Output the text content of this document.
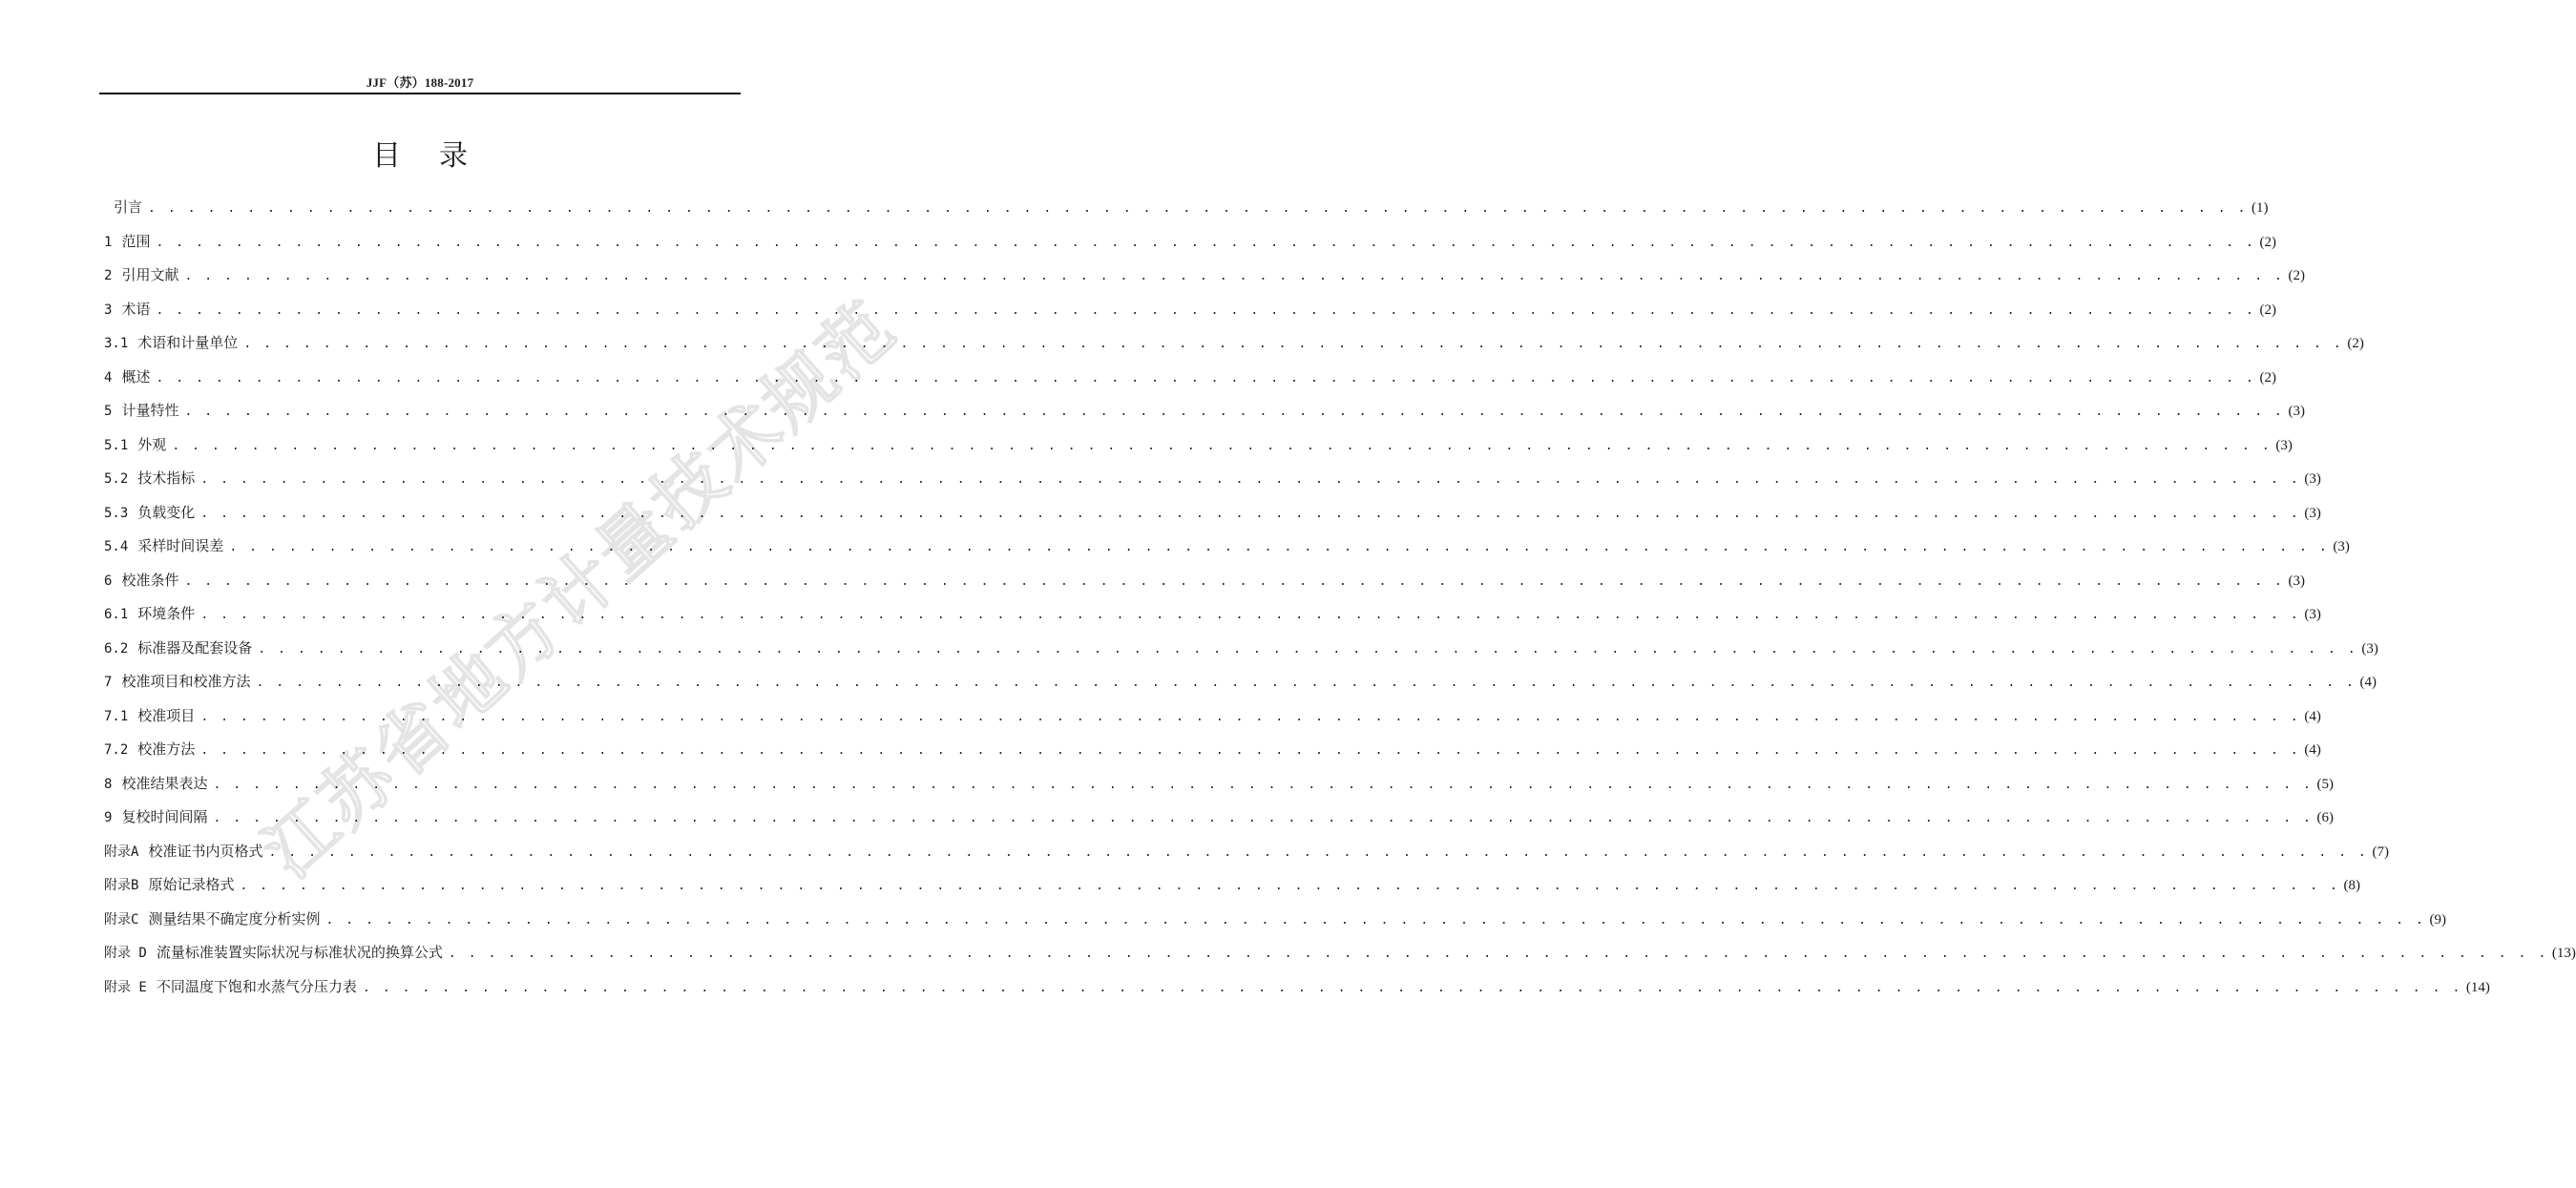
JJF（苏）188-2017
目录
江苏省地方计量技术规范
引言 . . .	(1)
1 范围 . . .	(2)
2 引用文献 . . .	(2)
3 术语 . . .	(2)
3.1 术语和计量单位 . . .	(2)
4 概述 . . .	(2)
5 计量特性 . . .	(3)
5.1 外观 . . .	(3)
5.2 技术指标 . . .	(3)
5.3 负载变化 . . .	(3)
5.4 采样时间误差 . . .	(3)
6 校准条件 . . .	(3)
6.1 环境条件 . . .	(3)
6.2 标准器及配套设备 . . .	(3)
7 校准项目和校准方法 . . .	(4)
7.1 校准项目 . . .	(4)
7.2 校准方法 . . .	(4)
8 校准结果表达 . . .	(5)
9 复校时间间隔 . . .	(6)
附录A 校准证书内页格式 . . .	(7)
附录B 原始记录格式 . . .	(8)
附录C 测量结果不确定度分析实例 . . .	(9)
附录 D 流量标准装置实际状况与标准状况的换算公式 . . .	(13)
附录 E 不同温度下饱和水蒸气分压力表 . . .	(14)
